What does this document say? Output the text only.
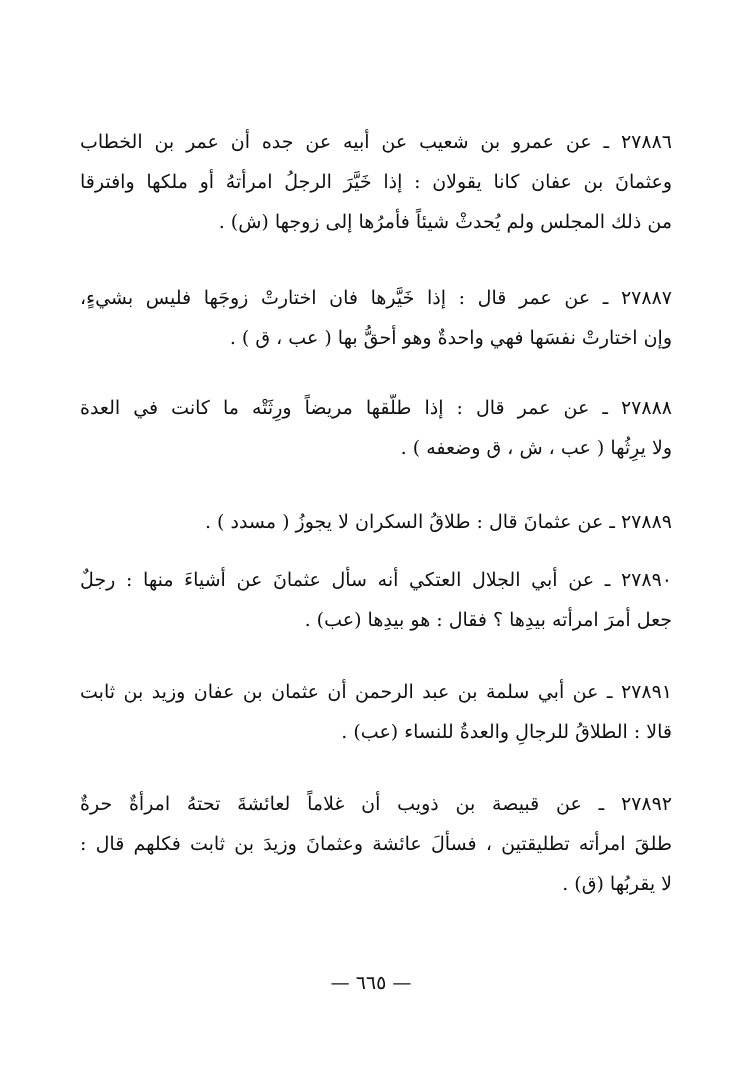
٢٧٨٨٦ ـ عن عمرو بن شعيب عن أبيه عن جده أن عمر بن الخطاب
وعثمانَ بن عفان كانا يقولان : إذا خَيَّرَ الرجلُ امرأتهُ أو ملكها وافترقا
من ذلك المجلس ولم يُحدثْ شيئاً فأمرُها إلى زوجها (ش) .
٢٧٨٨٧ ـ عن عمر قال : إذا خَيَّرها فان اختارتْ زوجَها فليس بشيءٍ،
وإن اختارتْ نفسَها فهي واحدةٌ وهو أحقُّ بها ( عب ، ق ) .
٢٧٨٨٨ ـ عن عمر قال : إذا طلَّقها مريضاً ورِثَتْه ما كانت في العدة
ولا يرِثُها ( عب ، ش ، ق وضعفه ) .
٢٧٨٨٩ ـ عن عثمانَ قال : طلاقُ السكران لا يجوزُ ( مسدد ) .
٢٧٨٩٠ ـ عن أبي الجلال العتكي أنه سأل عثمانَ عن أشياءَ منها : رجلٌ
جعل أمرَ امرأته بيدِها ؟ فقال : هو بيدِها (عب) .
٢٧٨٩١ ـ عن أبي سلمة بن عبد الرحمن أن عثمان بن عفان وزيد بن ثابت
قالا : الطلاقُ للرجالِ والعدةُ للنساء (عب) .
٢٧٨٩٢ ـ عن قبيصة بن ذويب أن غلاماً لعائشةَ تحتهُ امرأةٌ حرةٌ
طلقَ امرأته تطليقتين ، فسألَ عائشة وعثمانَ وزيدَ بن ثابت فكلهم قال :
لا يقربُها (ق) .
— ٦٦٥ —
